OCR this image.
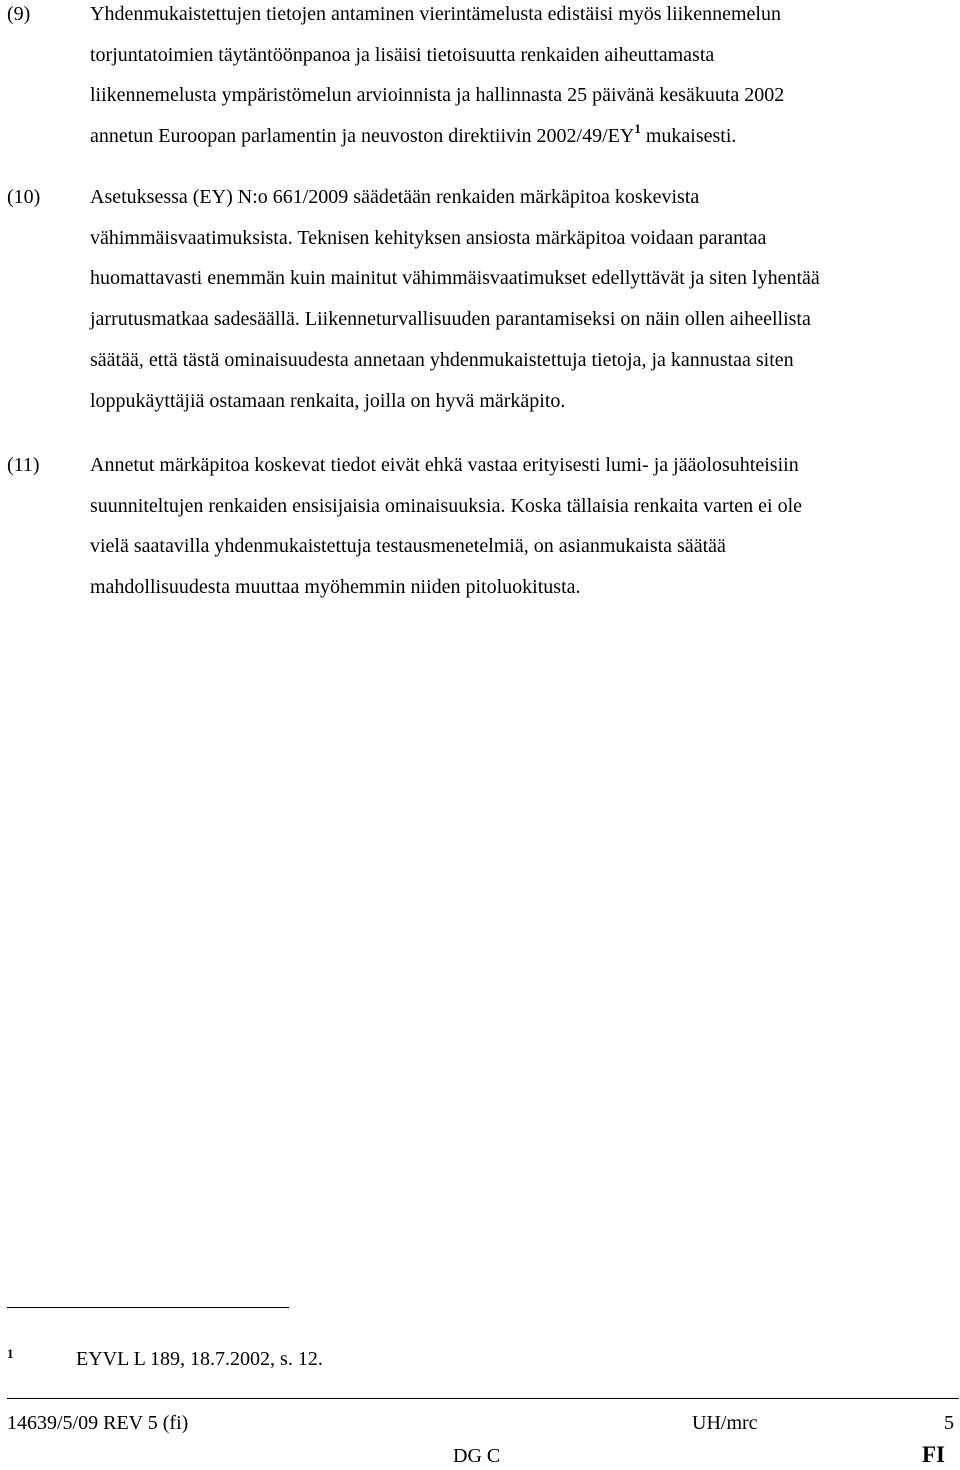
(9)	Yhdenmukaistettujen tietojen antaminen vierintämelusta edistäisi myös liikennemelun
torjuntatoimien täytäntöönpanoa ja lisäisi tietoisuutta renkaiden aiheuttamasta
liikennemelusta ympäristömelun arvioinnista ja hallinnasta 25 päivänä kesäkuuta 2002
annetun Euroopan parlamentin ja neuvoston direktiivin $2002/49/EY^1$ mukaisesti.
(10) Asetuksessa (EY) N:o 661/2009 säädetään renkaiden märkäpitoa koskevista
vähimmäisvaatimuksista. Teknisen kehityksen ansiosta märkäpitoa voidaan parantaa
huomattavasti enemmän kuin mainitut vähimmäisvaatimukset edellyttävät ja siten lyhentää
jarrutusmatkaa sadesäällä. Liikenneturvallisuuden parantamiseksi on näin ollen aiheellista
säätää, että tästä ominaisuudesta annetaan yhdenmukaistettuja tietoja, ja kannustaa siten
loppukäyttäjiä ostamaan renkaita, joilla on hyvä märkäpito.
(11)	Annetut märkäpitoa koskevat tiedot eivät ehkä vastaa erityisesti lumi- ja jääolosuhteisiin
suunniteltujen renkaiden ensisijaisia ominaisuuksia. Koska tällaisia renkaita varten ei ole
vielä saatavilla yhdenmukaistettuja testausmenetelmiä, on asianmukaista säätää
mahdollisuudesta muuttaa myöhemmin niiden pitoluokitusta.
1	EYVL L 189, 18.7.2002, s. 12.
14639/5/09 REV 5 (fi)	UH/mrc	5
DG C	FI
